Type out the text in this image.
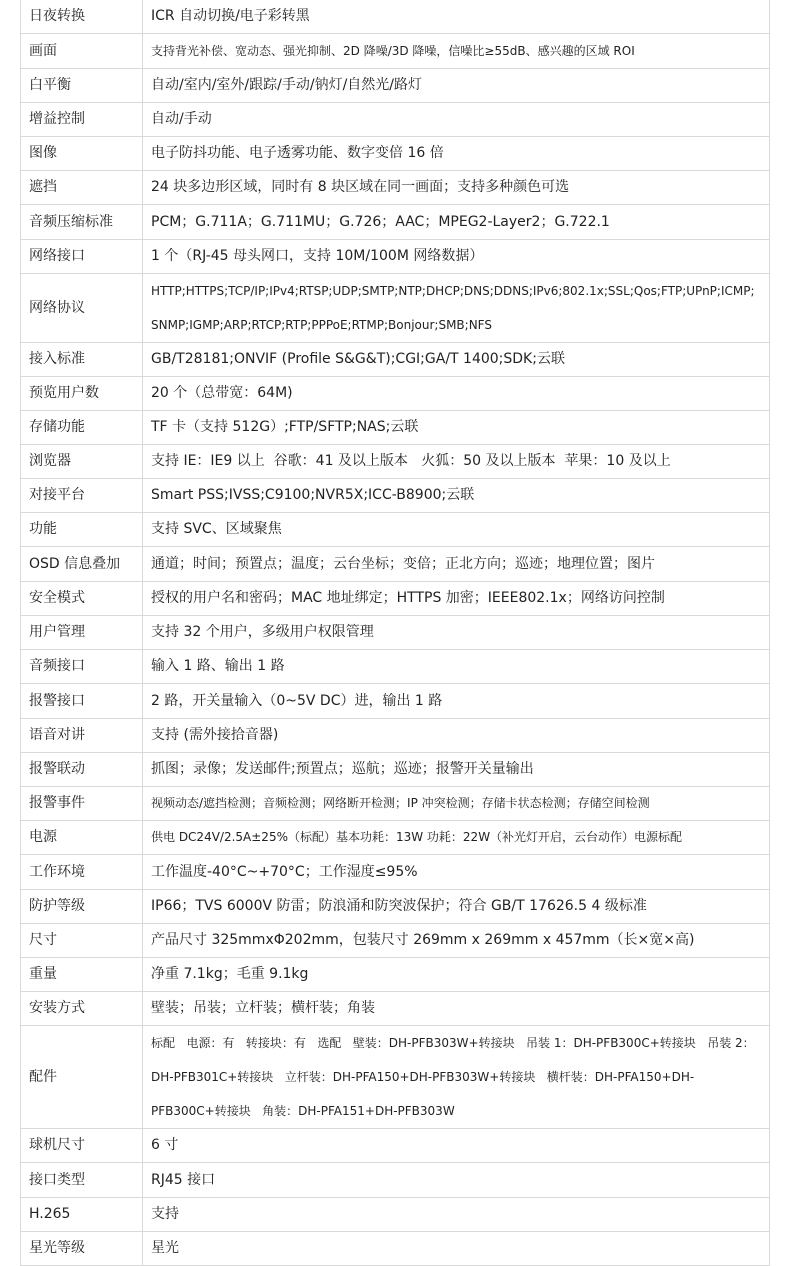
日夜转换	ICR 自动切换/电子彩转黑
画面	支持背光补偿、宽动态、强光抑制、2D 降噪/3D 降噪，信噪比≥55dB、感兴趣的区域 ROI
白平衡	自动/室内/室外/跟踪/手动/钠灯/自然光/路灯
增益控制	自动/手动
图像	电子防抖功能、电子透雾功能、数字变倍 16 倍
遮挡	24 块多边形区域，同时有 8 块区域在同一画面；支持多种颜色可选
音频压缩标准	PCM；G.711A；G.711MU；G.726；AAC；MPEG2-Layer2；G.722.1
网络接口	1 个（RJ-45 母头网口，支持 10M/100M 网络数据）
网络协议	HTTP;HTTPS;TCP/IP;IPv4;RTSP;UDP;SMTP;NTP;DHCP;DNS;DDNS;IPv6;802.1x;SSL;Qos;FTP;UPnP;ICMP;SNMP;IGMP;ARP;RTCP;RTP;PPPoE;RTMP;Bonjour;SMB;NFS
接入标准	GB/T28181;ONVIF (Profile S&G&T);CGI;GA/T 1400;SDK;云联
预览用户数	20 个（总带宽：64M)
存储功能	TF 卡（支持 512G）;FTP/SFTP;NAS;云联
浏览器	支持 IE：IE9 以上  谷歌：41 及以上版本   火狐：50 及以上版本  苹果：10 及以上
对接平台	Smart PSS;IVSS;C9100;NVR5X;ICC-B8900;云联
功能	支持 SVC、区域聚焦
OSD 信息叠加	通道；时间；预置点；温度；云台坐标；变倍；正北方向；巡迹；地理位置；图片
安全模式	授权的用户名和密码；MAC 地址绑定；HTTPS 加密；IEEE802.1x；网络访问控制
用户管理	支持 32 个用户，多级用户权限管理
音频接口	输入 1 路、输出 1 路
报警接口	2 路，开关量输入（0~5V DC）进，输出 1 路
语音对讲	支持 (需外接拾音器)
报警联动	抓图；录像；发送邮件;预置点；巡航；巡迹；报警开关量输出
报警事件	视频动态/遮挡检测；音频检测；网络断开检测；IP 冲突检测；存储卡状态检测；存储空间检测
电源	供电 DC24V/2.5A±25%（标配）基本功耗：13W 功耗：22W（补光灯开启，云台动作）电源标配
工作环境	工作温度-40°C~+70°C；工作湿度≤95%
防护等级	IP66；TVS 6000V 防雷；防浪涌和防突波保护；符合 GB/T 17626.5 4 级标准
尺寸	产品尺寸 325mmxΦ202mm，包装尺寸 269mm x 269mm x 457mm（长×宽×高)
重量	净重 7.1kg；毛重 9.1kg
安装方式	壁装；吊装；立杆装；横杆装；角装
配件	标配   电源：有   转接块：有   选配   壁装：DH-PFB303W+转接块   吊装 1：DH-PFB300C+转接块   吊装 2：DH-PFB301C+转接块   立杆装：DH-PFA150+DH-PFB303W+转接块   横杆装：DH-PFA150+DH-PFB300C+转接块   角装：DH-PFA151+DH-PFB303W
球机尺寸	6 寸
接口类型	RJ45 接口
H.265	支持
星光等级	星光
